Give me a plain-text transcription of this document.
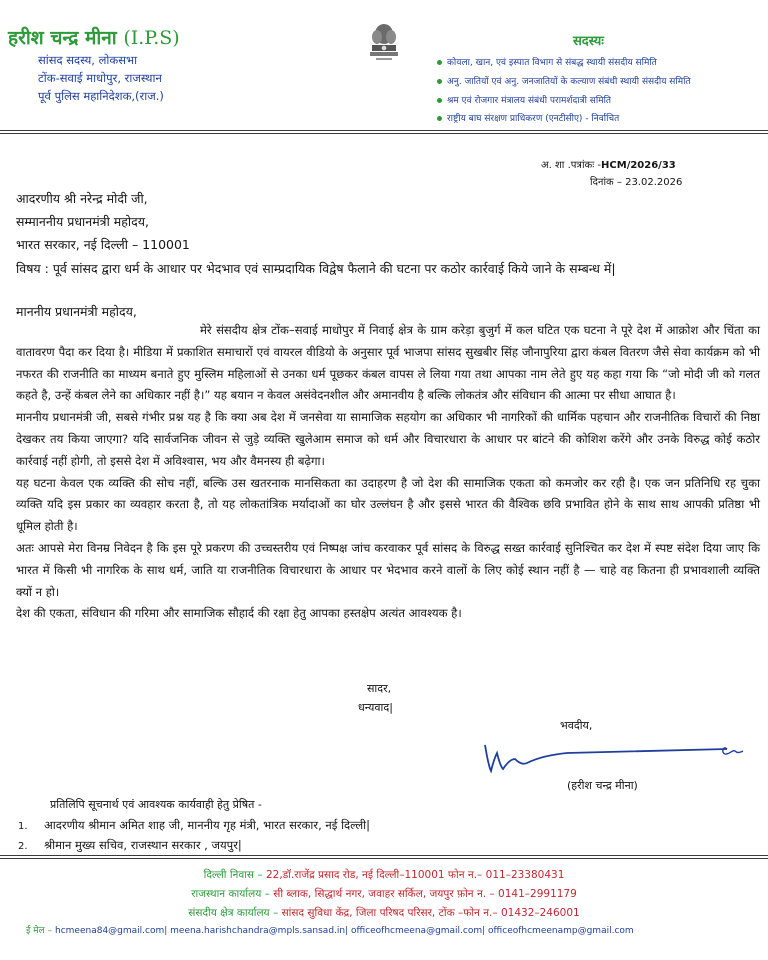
हरीश चन्द्र मीना (I.P.S)
सांसद सदस्य, लोकसभा
टोंक-सवाई माधोपुर, राजस्थान
पूर्व पुलिस महानिदेशक,(राज.)
सदस्यः
कोयला, खान, एवं इस्पात विभाग से संबद्ध स्थायी संसदीय समिति
अनु. जातियों एवं अनु. जनजातियों के कल्याण संबंधी स्थायी संसदीय समिति
श्रम एवं रोजगार मंत्रालय संबंधी परामर्शदात्री समिति
राष्ट्रीय बाघ संरक्षण प्राधिकरण (एनटीसीए) - निर्वाचित
अ. शा .पत्रांकः -HCM/2026/33
दिनांक – 23.02.2026
आदरणीय श्री नरेन्द्र मोदी जी,
सम्माननीय प्रधानमंत्री महोदय,
भारत सरकार, नई दिल्ली – 110001
विषय : पूर्व सांसद द्वारा धर्म के आधार पर भेदभाव एवं साम्प्रदायिक विद्वेष फैलाने की घटना पर कठोर कार्रवाई किये जाने के सम्बन्ध में|
माननीय प्रधानमंत्री महोदय,

मेरे संसदीय क्षेत्र टोंक–सवाई माधोपुर में निवाई क्षेत्र के ग्राम करेड़ा बुजुर्ग में कल घटित एक घटना ने पूरे देश में आक्रोश और चिंता का वातावरण पैदा कर दिया है। मीडिया में प्रकाशित समाचारों एवं वायरल वीडियो के अनुसार पूर्व भाजपा सांसद सुखबीर सिंह जौनापुरिया द्वारा कंबल वितरण जैसे सेवा कार्यक्रम को भी नफरत की राजनीति का माध्यम बनाते हुए मुस्लिम महिलाओं से उनका धर्म पूछकर कंबल वापस ले लिया गया तथा आपका नाम लेते हुए यह कहा गया कि “जो मोदी जी को गलत कहते है, उन्हें कंबल लेने का अधिकार नहीं है।” यह बयान न केवल असंवेदनशील और अमानवीय है बल्कि लोकतंत्र और संविधान की आत्मा पर सीधा आघात है।

माननीय प्रधानमंत्री जी, सबसे गंभीर प्रश्न यह है कि क्या अब देश में जनसेवा या सामाजिक सहयोग का अधिकार भी नागरिकों की धार्मिक पहचान और राजनीतिक विचारों की निष्ठा देखकर तय किया जाएगा? यदि सार्वजनिक जीवन से जुड़े व्यक्ति खुलेआम समाज को धर्म और विचारधारा के आधार पर बांटने की कोशिश करेंगे और उनके विरुद्ध कोई कठोर कार्रवाई नहीं होगी, तो इससे देश में अविश्वास, भय और वैमनस्य ही बढ़ेगा।

यह घटना केवल एक व्यक्ति की सोच नहीं, बल्कि उस खतरनाक मानसिकता का उदाहरण है जो देश की सामाजिक एकता को कमजोर कर रही है। एक जन प्रतिनिधि रह चुका व्यक्ति यदि इस प्रकार का व्यवहार करता है, तो यह लोकतांत्रिक मर्यादाओं का घोर उल्लंघन है और इससे भारत की वैश्विक छवि प्रभावित होने के साथ साथ आपकी प्रतिष्ठा भी धूमिल होती है।

अतः आपसे मेरा विनम्र निवेदन है कि इस पूरे प्रकरण की उच्चस्तरीय एवं निष्पक्ष जांच करवाकर पूर्व सांसद के विरुद्ध सख्त कार्रवाई सुनिश्चित कर देश में स्पष्ट संदेश दिया जाए कि भारत में किसी भी नागरिक के साथ धर्म, जाति या राजनीतिक विचारधारा के आधार पर भेदभाव करने वालों के लिए कोई स्थान नहीं है — चाहे वह कितना ही प्रभावशाली व्यक्ति क्यों न हो।

देश की एकता, संविधान की गरिमा और सामाजिक सौहार्द की रक्षा हेतु आपका हस्तक्षेप अत्यंत आवश्यक है।

सादर,
धन्यवाद|
भवदीय,
(हरीश चन्द्र मीना)
प्रतिलिपि सूचनार्थ एवं आवश्यक कार्यवाही हेतु प्रेषित -
1. आदरणीय श्रीमान अमित शाह जी, माननीय गृह मंत्री, भारत सरकार, नई दिल्ली|
2. श्रीमान मुख्य सचिव, राजस्थान सरकार , जयपुर|
दिल्ली निवास – 22,डॉ.राजेंद्र प्रसाद रोड, नई दिल्ली–110001 फोन न.– 011–23380431
राजस्थान कार्यालय – सी ब्लाक, सिद्धार्थ नगर, जवाहर सर्किल, जयपुर फ़ोन न. – 0141–2991179
संसदीय क्षेत्र कार्यालय – सांसद सुविधा केंद्र, जिला परिषद परिसर, टोंक –फोन न.– 01432–246001
ई मेल – hcmeena84@gmail.com| meena.harishchandra@mpls.sansad.in| officeofhcmeena@gmail.com| officeofhcmeenamp@gmail.com
